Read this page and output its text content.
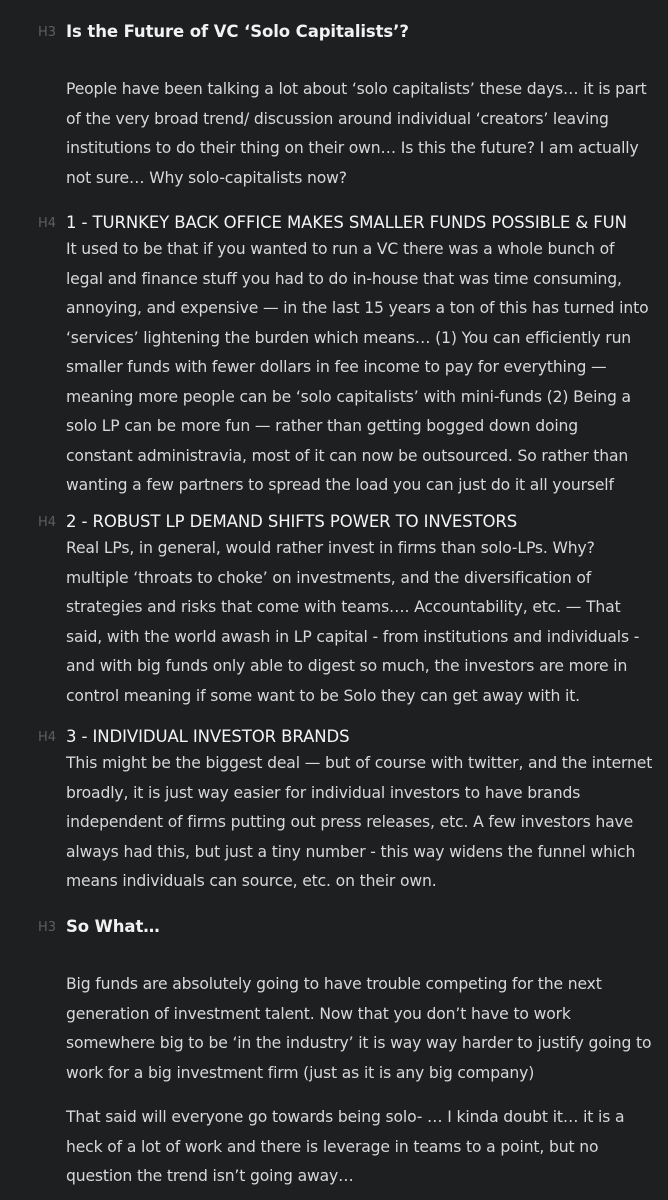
H3 Is the Future of VC ‘Solo Capitalists’?
People have been talking a lot about ‘solo capitalists’ these days… it is part
of the very broad trend/ discussion around individual ‘creators’ leaving
institutions to do their thing on their own… Is this the future? I am actually
not sure… Why solo-capitalists now?
H4 1 - TURNKEY BACK OFFICE MAKES SMALLER FUNDS POSSIBLE & FUN
It used to be that if you wanted to run a VC there was a whole bunch of
legal and finance stuff you had to do in-house that was time consuming,
annoying, and expensive — in the last 15 years a ton of this has turned into
‘services’ lightening the burden which means… (1) You can efficiently run
smaller funds with fewer dollars in fee income to pay for everything —
meaning more people can be ‘solo capitalists’ with mini-funds (2) Being a
solo LP can be more fun — rather than getting bogged down doing
constant administravia, most of it can now be outsourced. So rather than
wanting a few partners to spread the load you can just do it all yourself
H4 2 - ROBUST LP DEMAND SHIFTS POWER TO INVESTORS
Real LPs, in general, would rather invest in firms than solo-LPs. Why?
multiple ‘throats to choke’ on investments, and the diversification of
strategies and risks that come with teams…. Accountability, etc. — That
said, with the world awash in LP capital - from institutions and individuals -
and with big funds only able to digest so much, the investors are more in
control meaning if some want to be Solo they can get away with it.
H4 3 - INDIVIDUAL INVESTOR BRANDS
This might be the biggest deal — but of course with twitter, and the internet
broadly, it is just way easier for individual investors to have brands
independent of firms putting out press releases, etc. A few investors have
always had this, but just a tiny number - this way widens the funnel which
means individuals can source, etc. on their own.
H3 So What…
Big funds are absolutely going to have trouble competing for the next
generation of investment talent. Now that you don’t have to work
somewhere big to be ‘in the industry’ it is way way harder to justify going to
work for a big investment firm (just as it is any big company)
That said will everyone go towards being solo- … I kinda doubt it… it is a
heck of a lot of work and there is leverage in teams to a point, but no
question the trend isn’t going away…
